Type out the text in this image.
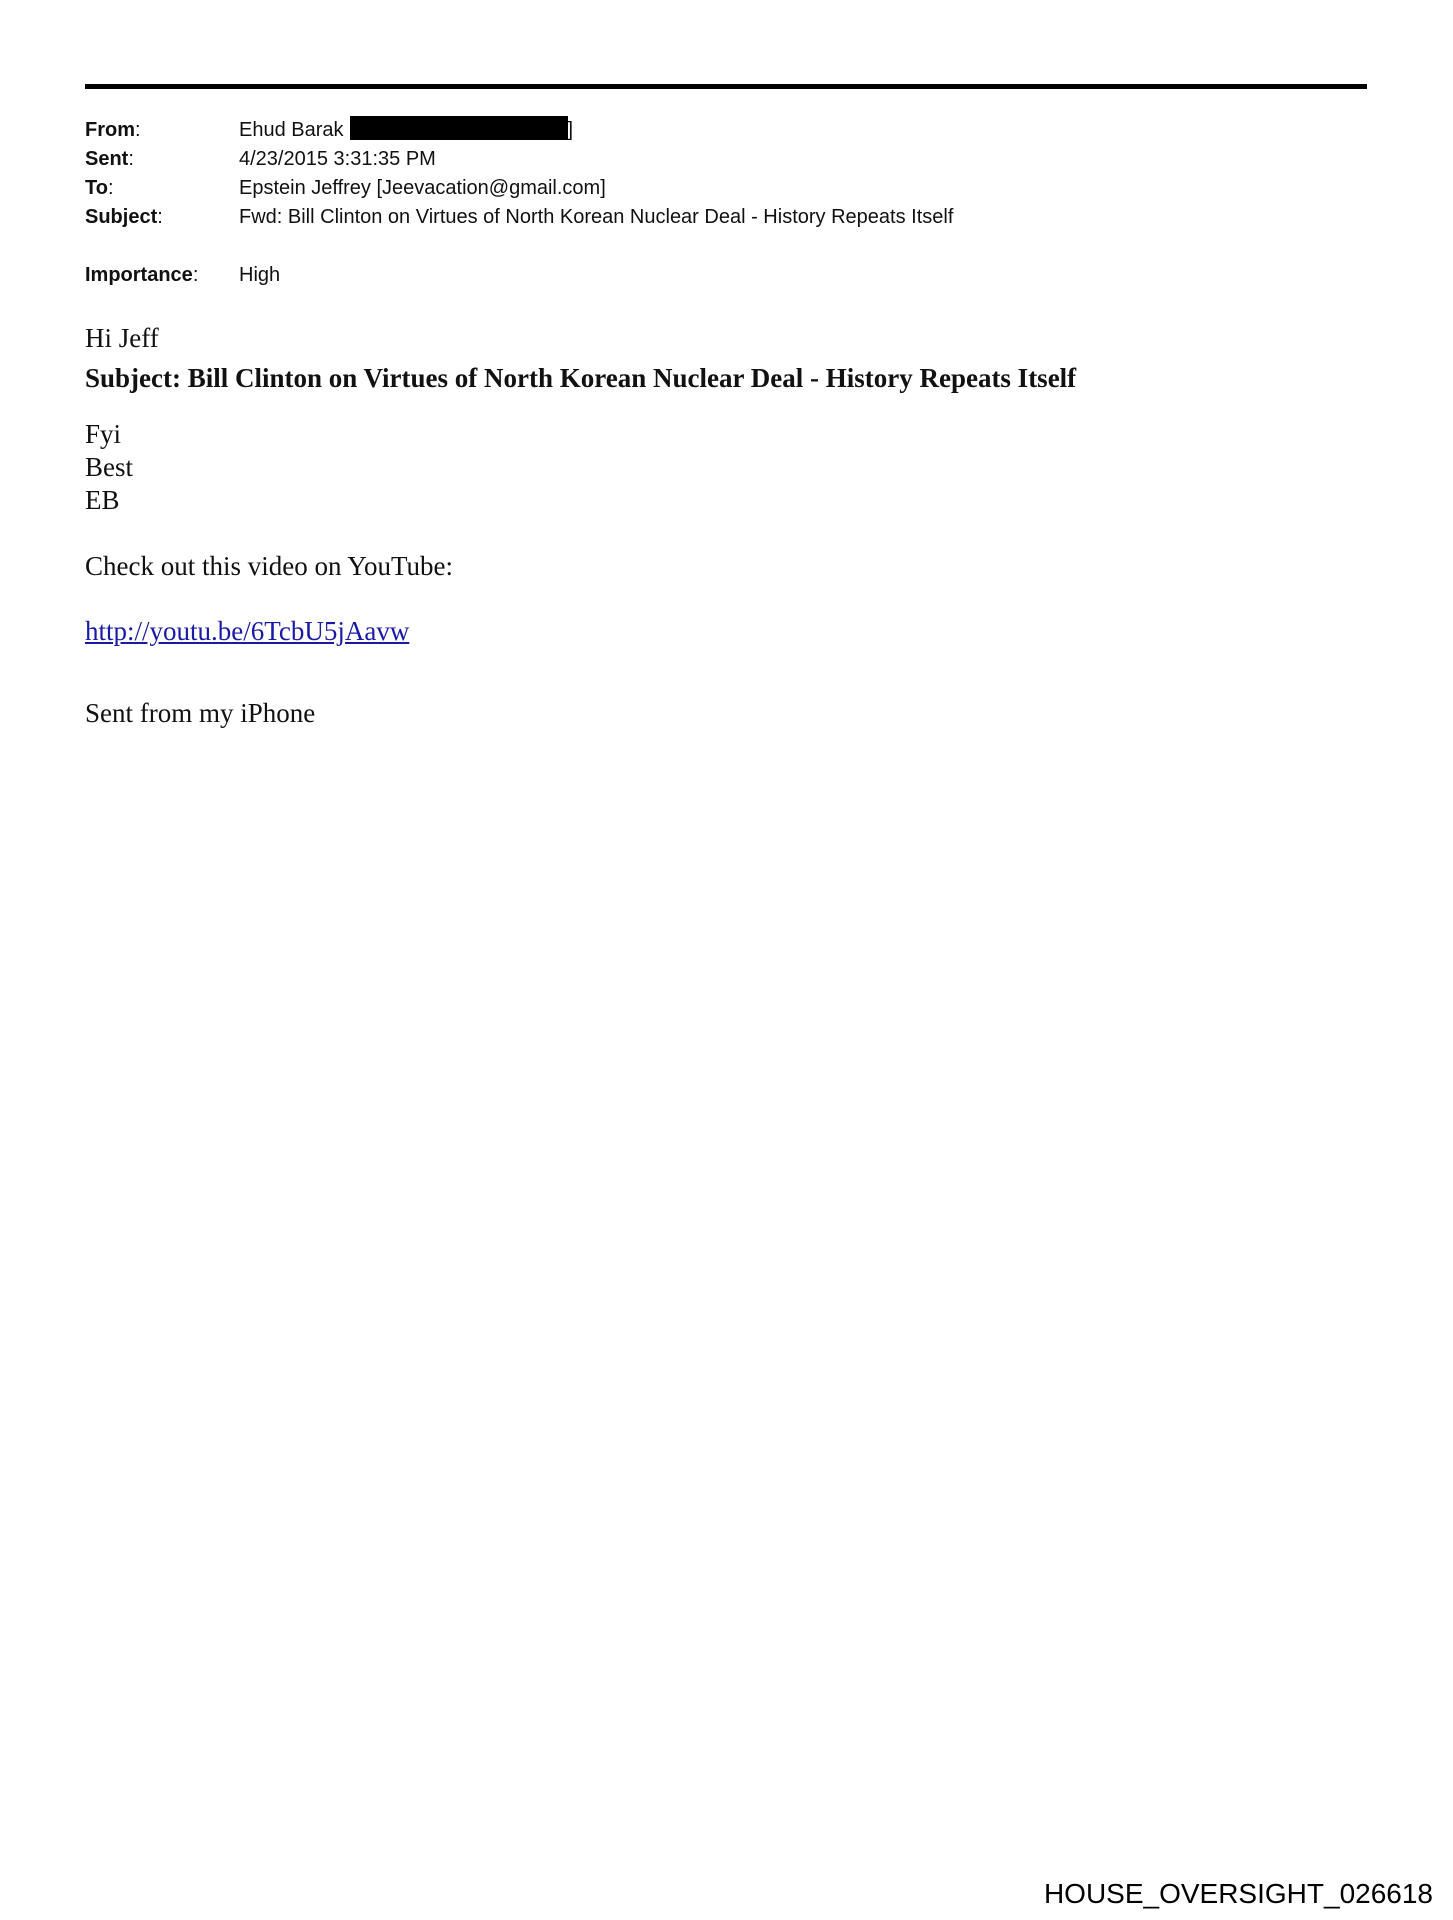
From:	Ehud Barak	]
Sent:	4/23/2015 3:31:35 PM
To:	Epstein Jeffrey [Jeevacation@gmail.com]
Subject:	Fwd: Bill Clinton on Virtues of North Korean Nuclear Deal - History Repeats Itself
Importance:	High
Hi Jeff
Subject: Bill Clinton on Virtues of North Korean Nuclear Deal - History Repeats Itself
Fyi
Best
EB
Check out this video on YouTube:
http://youtu.be/6TcbU5jAavw
Sent from my iPhone
HOUSE_OVERSIGHT_026618
